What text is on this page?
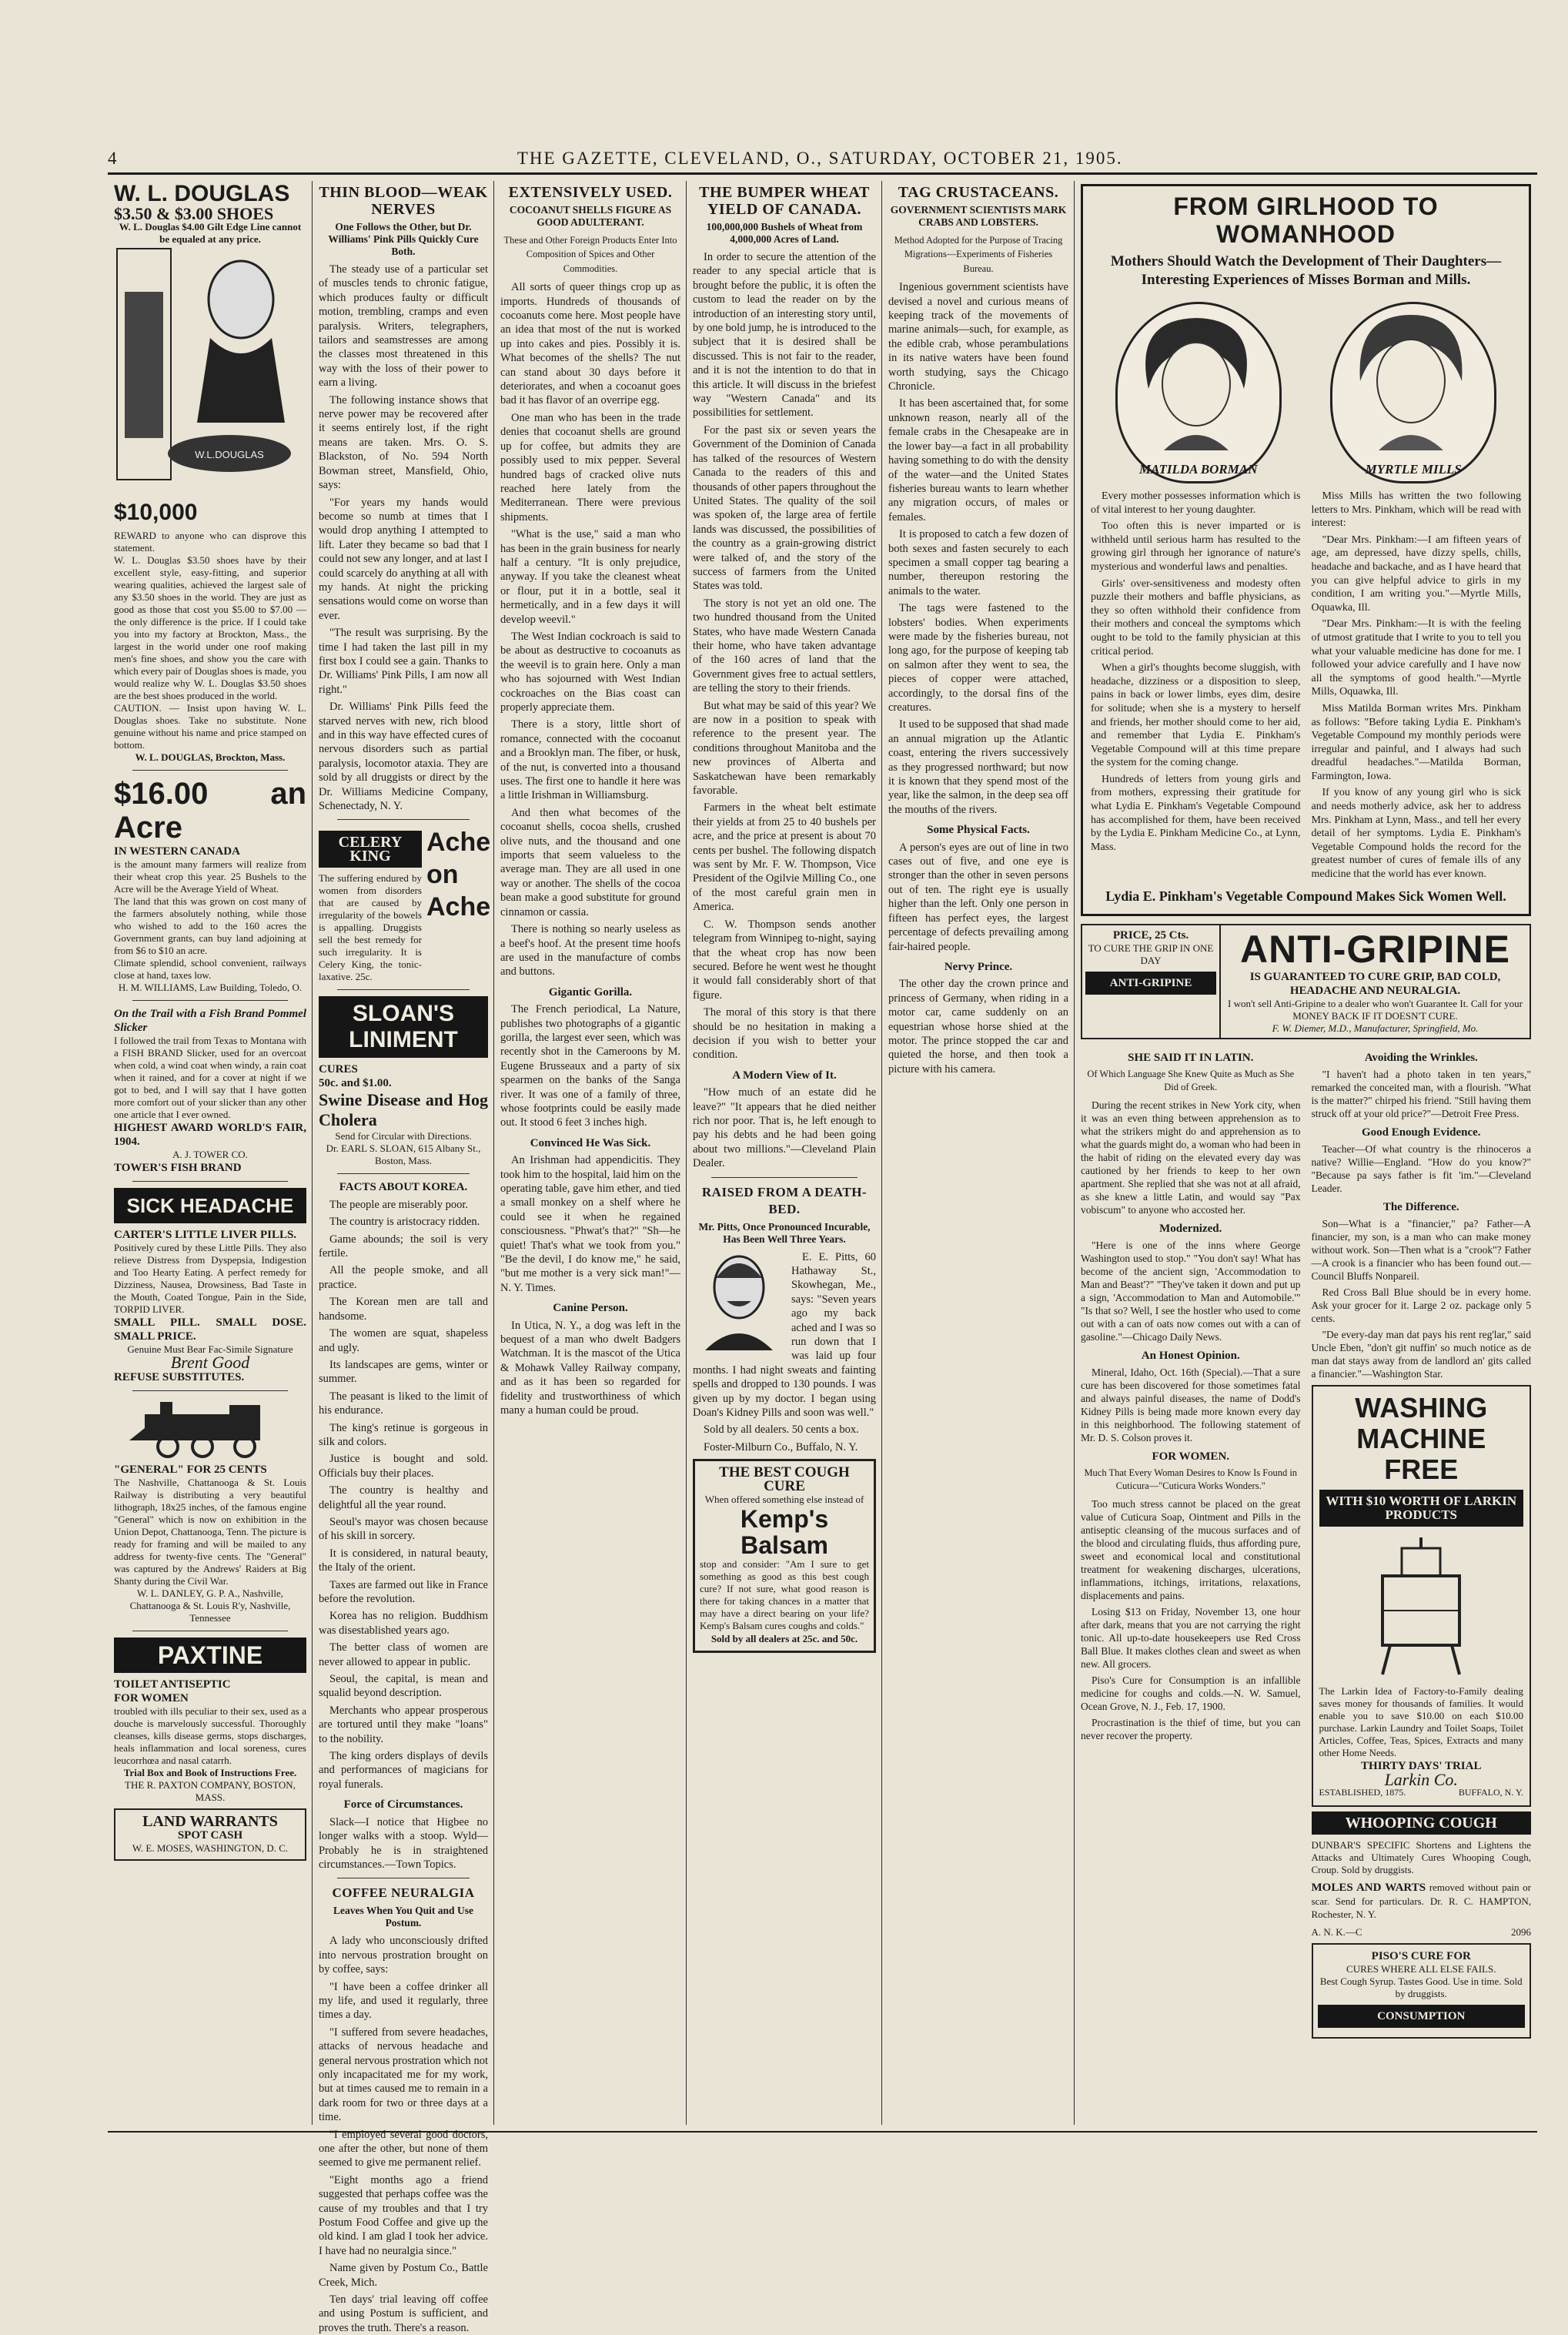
4	THE GAZETTE, CLEVELAND, O., SATURDAY, OCTOBER 21, 1905.
W. L. DOUGLAS
$3.50 & $3.00 SHOES
W. L. Douglas $4.00 Gilt Edge Line cannot be equaled at any price.
W.L.DOUGLAS
$10,000
REWARD to anyone who can disprove this statement.
W. L. Douglas $3.50 shoes have by their excellent style, easy-fitting, and superior wearing qualities, achieved the largest sale of any $3.50 shoes in the world. They are just as good as those that cost you $5.00 to $7.00 — the only difference is the price. If I could take you into my factory at Brockton, Mass., the largest in the world under one roof making men's fine shoes, and show you the care with which every pair of Douglas shoes is made, you would realize why W. L. Douglas $3.50 shoes are the best shoes produced in the world.
CAUTION. — Insist upon having W. L. Douglas shoes. Take no substitute. None genuine without his name and price stamped on bottom.
W. L. DOUGLAS, Brockton, Mass.
$16.00 an Acre
IN WESTERN CANADA
is the amount many farmers will realize from their wheat crop this year. 25 Bushels to the Acre will be the Average Yield of Wheat.
The land that this was grown on cost many of the farmers absolutely nothing, while those who wished to add to the 160 acres the Government grants, can buy land adjoining at from $6 to $10 an acre.
Climate splendid, school convenient, railways close at hand, taxes low.
H. M. WILLIAMS, Law Building, Toledo, O.
On the Trail with a Fish Brand Pommel Slicker
I followed the trail from Texas to Montana with a FISH BRAND Slicker, used for an overcoat when cold, a wind coat when windy, a rain coat when it rained, and for a cover at night if we got to bed, and I will say that I have gotten more comfort out of your slicker than any other one article that I ever owned.
HIGHEST AWARD WORLD'S FAIR, 1904.
A. J. TOWER CO.
TOWER'S FISH BRAND
SICK HEADACHE
CARTER'S LITTLE LIVER PILLS.
Positively cured by these Little Pills. They also relieve Distress from Dyspepsia, Indigestion and Too Hearty Eating. A perfect remedy for Dizziness, Nausea, Drowsiness, Bad Taste in the Mouth, Coated Tongue, Pain in the Side, TORPID LIVER.
SMALL PILL. SMALL DOSE. SMALL PRICE.
Genuine Must Bear Fac-Simile Signature
Brent Good
REFUSE SUBSTITUTES.
"GENERAL" FOR 25 CENTS
The Nashville, Chattanooga & St. Louis Railway is distributing a very beautiful lithograph, 18x25 inches, of the famous engine "General" which is now on exhibition in the Union Depot, Chattanooga, Tenn. The picture is ready for framing and will be mailed to any address for twenty-five cents. The "General" was captured by the Andrews' Raiders at Big Shanty during the Civil War.
W. L. DANLEY, G. P. A., Nashville, Chattanooga & St. Louis R'y, Nashville, Tennessee
PAXTINE
TOILET ANTISEPTIC
FOR WOMEN
troubled with ills peculiar to their sex, used as a douche is marvelously successful. Thoroughly cleanses, kills disease germs, stops discharges, heals inflammation and local soreness, cures leucorrhœa and nasal catarrh.
Trial Box and Book of Instructions Free.
THE R. PAXTON COMPANY, BOSTON, MASS.
LAND WARRANTS
SPOT CASH
W. E. MOSES, WASHINGTON, D. C.
THIN BLOOD—WEAK NERVES
One Follows the Other, but Dr. Williams' Pink Pills Quickly Cure Both.

The steady use of a particular set of muscles tends to chronic fatigue, which produces faulty or difficult motion, trembling, cramps and even paralysis. Writers, telegraphers, tailors and seamstresses are among the classes most threatened in this way with the loss of their power to earn a living.

The following instance shows that nerve power may be recovered after it seems entirely lost, if the right means are taken. Mrs. O. S. Blackston, of No. 594 North Bowman street, Mansfield, Ohio, says:

"For years my hands would become so numb at times that I would drop anything I attempted to lift. Later they became so bad that I could not sew any longer, and at last I could scarcely do anything at all with my hands. At night the pricking sensations would come on worse than ever.

"The result was surprising. By the time I had taken the last pill in my first box I could see a gain. Thanks to Dr. Williams' Pink Pills, I am now all right."

Dr. Williams' Pink Pills feed the starved nerves with new, rich blood and in this way have effected cures of nervous disorders such as partial paralysis, locomotor ataxia. They are sold by all druggists or direct by the Dr. Williams Medicine Company, Schenectady, N. Y.

CELERY KING
The suffering endured by women from disorders that are caused by irregularity of the bowels is appalling. Druggists sell the best remedy for such irregularity. It is Celery King, the tonic-laxative. 25c.
Ache on Ache
SLOAN'S LINIMENT
CURES
50c. and $1.00.
Swine Disease and Hog Cholera
Send for Circular with Directions.
Dr. EARL S. SLOAN, 615 Albany St., Boston, Mass.
FACTS ABOUT KOREA.

The people are miserably poor.

The country is aristocracy ridden.

Game abounds; the soil is very fertile.

All the people smoke, and all practice.

The Korean men are tall and handsome.

The women are squat, shapeless and ugly.

Its landscapes are gems, winter or summer.

The peasant is liked to the limit of his endurance.

The king's retinue is gorgeous in silk and colors.

Justice is bought and sold. Officials buy their places.

The country is healthy and delightful all the year round.

Seoul's mayor was chosen because of his skill in sorcery.

It is considered, in natural beauty, the Italy of the orient.

Taxes are farmed out like in France before the revolution.

Korea has no religion. Buddhism was disestablished years ago.

The better class of women are never allowed to appear in public.

Seoul, the capital, is mean and squalid beyond description.

Merchants who appear prosperous are tortured until they make "loans" to the nobility.

The king orders displays of devils and performances of magicians for royal funerals.

Force of Circumstances.

Slack—I notice that Higbee no longer walks with a stoop. Wyld—Probably he is in straightened circumstances.—Town Topics.

COFFEE NEURALGIA
Leaves When You Quit and Use Postum.

A lady who unconsciously drifted into nervous prostration brought on by coffee, says:

"I have been a coffee drinker all my life, and used it regularly, three times a day.

"I suffered from severe headaches, attacks of nervous headache and general nervous prostration which not only incapacitated me for my work, but at times caused me to remain in a dark room for two or three days at a time.

"I employed several good doctors, one after the other, but none of them seemed to give me permanent relief.

"Eight months ago a friend suggested that perhaps coffee was the cause of my troubles and that I try Postum Food Coffee and give up the old kind. I am glad I took her advice. I have had no neuralgia since."

Name given by Postum Co., Battle Creek, Mich.

Ten days' trial leaving off coffee and using Postum is sufficient, and proves the truth. There's a reason.

EXTENSIVELY USED.
COCOANUT SHELLS FIGURE AS GOOD ADULTERANT.
These and Other Foreign Products Enter Into Composition of Spices and Other Commodities.

All sorts of queer things crop up as imports. Hundreds of thousands of cocoanuts come here. Most people have an idea that most of the nut is worked up into cakes and pies. Possibly it is. What becomes of the shells? The nut can stand about 30 days before it deteriorates, and when a cocoanut goes bad it has flavor of an overripe egg.

One man who has been in the trade denies that cocoanut shells are ground up for coffee, but admits they are possibly used to mix pepper. Several hundred bags of cracked olive nuts reached here lately from the Mediterranean. There were previous shipments.

"What is the use," said a man who has been in the grain business for nearly half a century. "It is only prejudice, anyway. If you take the cleanest wheat or flour, put it in a bottle, seal it hermetically, and in a few days it will develop weevil."

The West Indian cockroach is said to be about as destructive to cocoanuts as the weevil is to grain here. Only a man who has sojourned with West Indian cockroaches on the Bias coast can properly appreciate them.

There is a story, little short of romance, connected with the cocoanut and a Brooklyn man. The fiber, or husk, of the nut, is converted into a thousand uses. The first one to handle it here was a little Irishman in Williamsburg.

And then what becomes of the cocoanut shells, cocoa shells, crushed olive nuts, and the thousand and one imports that seem valueless to the average man. They are all used in one way or another. The shells of the cocoa bean make a good substitute for ground cinnamon or cassia.

There is nothing so nearly useless as a beef's hoof. At the present time hoofs are used in the manufacture of combs and buttons.

Gigantic Gorilla.

The French periodical, La Nature, publishes two photographs of a gigantic gorilla, the largest ever seen, which was recently shot in the Cameroons by M. Eugene Brusseaux and a party of six spearmen on the banks of the Sanga river. It was one of a family of three, whose footprints could be easily made out. It stood 6 feet 3 inches high.

Convinced He Was Sick.

An Irishman had appendicitis. They took him to the hospital, laid him on the operating table, gave him ether, and tied a small monkey on a shelf where he could see it when he regained consciousness. "Phwat's that?" "Sh—he quiet! That's what we took from you." "Be the devil, I do know me," he said, "but me mother is a very sick man!"—N. Y. Times.

Canine Person.

In Utica, N. Y., a dog was left in the bequest of a man who dwelt Badgers Watchman. It is the mascot of the Utica & Mohawk Valley Railway company, and as it has been so regarded for fidelity and trustworthiness of which many a human could be proud.

THE BUMPER WHEAT YIELD OF CANADA.
100,000,000 Bushels of Wheat from 4,000,000 Acres of Land.

In order to secure the attention of the reader to any special article that is brought before the public, it is often the custom to lead the reader on by the introduction of an interesting story until, by one bold jump, he is introduced to the subject that it is desired shall be discussed. This is not fair to the reader, and it is not the intention to do that in this article. It will discuss in the briefest way "Western Canada" and its possibilities for settlement.

For the past six or seven years the Government of the Dominion of Canada has talked of the resources of Western Canada to the readers of this and thousands of other papers throughout the United States. The quality of the soil was spoken of, the large area of fertile lands was discussed, the possibilities of the country as a grain-growing district were talked of, and the story of the success of farmers from the United States was told.

The story is not yet an old one. The two hundred thousand from the United States, who have made Western Canada their home, who have taken advantage of the 160 acres of land that the Government gives free to actual settlers, are telling the story to their friends.

But what may be said of this year? We are now in a position to speak with reference to the present year. The conditions throughout Manitoba and the new provinces of Alberta and Saskatchewan have been remarkably favorable.

Farmers in the wheat belt estimate their yields at from 25 to 40 bushels per acre, and the price at present is about 70 cents per bushel. The following dispatch was sent by Mr. F. W. Thompson, Vice President of the Ogilvie Milling Co., one of the most careful grain men in America.

C. W. Thompson sends another telegram from Winnipeg to-night, saying that the wheat crop has now been secured. Before he went west he thought it would fall considerably short of that figure.

The moral of this story is that there should be no hesitation in making a decision if you wish to better your condition.

A Modern View of It.

"How much of an estate did he leave?" "It appears that he died neither rich nor poor. That is, he left enough to pay his debts and he had been going about two millions."—Cleveland Plain Dealer.

RAISED FROM A DEATH-BED.
Mr. Pitts, Once Pronounced Incurable, Has Been Well Three Years.

E. E. Pitts, 60 Hathaway St., Skowhegan, Me., says: "Seven years ago my back ached and I was so run down that I was laid up four months. I had night sweats and fainting spells and dropped to 130 pounds. I was given up by my doctor. I began using Doan's Kidney Pills and soon was well."

Sold by all dealers. 50 cents a box.

Foster-Milburn Co., Buffalo, N. Y.

THE BEST COUGH CURE
When offered something else instead of
Kemp's Balsam
stop and consider: "Am I sure to get something as good as this best cough cure? If not sure, what good reason is there for taking chances in a matter that may have a direct bearing on your life? Kemp's Balsam cures coughs and colds."
Sold by all dealers at 25c. and 50c.
TAG CRUSTACEANS.
GOVERNMENT SCIENTISTS MARK CRABS AND LOBSTERS.
Method Adopted for the Purpose of Tracing Migrations—Experiments of Fisheries Bureau.

Ingenious government scientists have devised a novel and curious means of keeping track of the movements of marine animals—such, for example, as the edible crab, whose perambulations in its native waters have been found worth studying, says the Chicago Chronicle.

It has been ascertained that, for some unknown reason, nearly all of the female crabs in the Chesapeake are in the lower bay—a fact in all probability having something to do with the density of the water—and the United States fisheries bureau wants to learn whether any migration occurs, of males or females.

It is proposed to catch a few dozen of both sexes and fasten securely to each specimen a small copper tag bearing a number, thereupon restoring the animals to the water.

The tags were fastened to the lobsters' bodies. When experiments were made by the fisheries bureau, not long ago, for the purpose of keeping tab on salmon after they went to sea, the pieces of copper were attached, accordingly, to the dorsal fins of the creatures.

It used to be supposed that shad made an annual migration up the Atlantic coast, entering the rivers successively as they progressed northward; but now it is known that they spend most of the year, like the salmon, in the deep sea off the mouths of the rivers.

Some Physical Facts.

A person's eyes are out of line in two cases out of five, and one eye is stronger than the other in seven persons out of ten. The right eye is usually higher than the left. Only one person in fifteen has perfect eyes, the largest percentage of defects prevailing among fair-haired people.

Nervy Prince.

The other day the crown prince and princess of Germany, when riding in a motor car, came suddenly on an equestrian whose horse shied at the motor. The prince stopped the car and quieted the horse, and then took a picture with his camera.

FROM GIRLHOOD TO WOMANHOOD
Mothers Should Watch the Development of Their Daughters—Interesting Experiences of Misses Borman and Mills.
MATILDA BORMAN	MYRTLE MILLS

Every mother possesses information which is of vital interest to her young daughter.

Too often this is never imparted or is withheld until serious harm has resulted to the growing girl through her ignorance of nature's mysterious and wonderful laws and penalties.

Girls' over-sensitiveness and modesty often puzzle their mothers and baffle physicians, as they so often withhold their confidence from their mothers and conceal the symptoms which ought to be told to the family physician at this critical period.

When a girl's thoughts become sluggish, with headache, dizziness or a disposition to sleep, pains in back or lower limbs, eyes dim, desire for solitude; when she is a mystery to herself and friends, her mother should come to her aid, and remember that Lydia E. Pinkham's Vegetable Compound will at this time prepare the system for the coming change.

Hundreds of letters from young girls and from mothers, expressing their gratitude for what Lydia E. Pinkham's Vegetable Compound has accomplished for them, have been received by the Lydia E. Pinkham Medicine Co., at Lynn, Mass.

Miss Mills has written the two following letters to Mrs. Pinkham, which will be read with interest:

"Dear Mrs. Pinkham:—I am fifteen years of age, am depressed, have dizzy spells, chills, headache and backache, and as I have heard that you can give helpful advice to girls in my condition, I am writing you."—Myrtle Mills, Oquawka, Ill.

"Dear Mrs. Pinkham:—It is with the feeling of utmost gratitude that I write to you to tell you what your valuable medicine has done for me. I followed your advice carefully and I have now all the symptoms of good health."—Myrtle Mills, Oquawka, Ill.

Miss Matilda Borman writes Mrs. Pinkham as follows: "Before taking Lydia E. Pinkham's Vegetable Compound my monthly periods were irregular and painful, and I always had such dreadful headaches."—Matilda Borman, Farmington, Iowa.

If you know of any young girl who is sick and needs motherly advice, ask her to address Mrs. Pinkham at Lynn, Mass., and tell her every detail of her symptoms. Lydia E. Pinkham's Vegetable Compound holds the record for the greatest number of cures of female ills of any medicine that the world has ever known.

Lydia E. Pinkham's Vegetable Compound Makes Sick Women Well.
PRICE, 25 Cts.
TO CURE THE GRIP IN ONE DAY
ANTI-GRIPINE
ANTI-GRIPINE
IS GUARANTEED TO CURE GRIP, BAD COLD, HEADACHE AND NEURALGIA.
I won't sell Anti-Gripine to a dealer who won't Guarantee It. Call for your MONEY BACK IF IT DOESN'T CURE.
F. W. Diemer, M.D., Manufacturer, Springfield, Mo.
SHE SAID IT IN LATIN.
Of Which Language She Knew Quite as Much as She Did of Greek.

During the recent strikes in New York city, when it was an even thing between apprehension as to what the strikers might do and apprehension as to what the guards might do, a woman who had been in the habit of riding on the elevated every day was cautioned by her friends to keep to her own apartment. She replied that she was not at all afraid, as she knew a little Latin, and would say "Pax vobiscum" to anyone who accosted her.

Modernized.

"Here is one of the inns where George Washington used to stop." "You don't say! What has become of the ancient sign, 'Accommodation to Man and Beast'?" "They've taken it down and put up a sign, 'Accommodation to Man and Automobile.'" "Is that so? Well, I see the hostler who used to come out with a can of oats now comes out with a can of gasoline."—Chicago Daily News.

An Honest Opinion.

Mineral, Idaho, Oct. 16th (Special).—That a sure cure has been discovered for those sometimes fatal and always painful diseases, the name of Dodd's Kidney Pills is being made more known every day in this neighborhood. The following statement of Mr. D. S. Colson proves it.

FOR WOMEN.
Much That Every Woman Desires to Know Is Found in Cuticura—"Cuticura Works Wonders."

Too much stress cannot be placed on the great value of Cuticura Soap, Ointment and Pills in the antiseptic cleansing of the mucous surfaces and of the blood and circulating fluids, thus affording pure, sweet and economical local and constitutional treatment for weakening discharges, ulcerations, inflammations, itchings, irritations, relaxations, displacements and pains.

Losing $13 on Friday, November 13, one hour after dark, means that you are not carrying the right tonic. All up-to-date housekeepers use Red Cross Ball Blue. It makes clothes clean and sweet as when new. All grocers.

Piso's Cure for Consumption is an infallible medicine for coughs and colds.—N. W. Samuel, Ocean Grove, N. J., Feb. 17, 1900.

Procrastination is the thief of time, but you can never recover the property.

Avoiding the Wrinkles.

"I haven't had a photo taken in ten years," remarked the conceited man, with a flourish. "What is the matter?" chirped his friend. "Still having them struck off at your old price?"—Detroit Free Press.

Good Enough Evidence.

Teacher—Of what country is the rhinoceros a native? Willie—England. "How do you know?" "Because pa says father is fit 'im."—Cleveland Leader.

The Difference.

Son—What is a "financier," pa? Father—A financier, my son, is a man who can make money without work. Son—Then what is a "crook"? Father—A crook is a financier who has been found out.—Council Bluffs Nonpareil.

Red Cross Ball Blue should be in every home. Ask your grocer for it. Large 2 oz. package only 5 cents.

"De every-day man dat pays his rent reg'lar," said Uncle Eben, "don't git nuffin' so much notice as de man dat stays away from de landlord an' gits called a financier."—Washington Star.

WASHING MACHINE FREE
WITH $10 WORTH OF LARKIN PRODUCTS
The Larkin Idea of Factory-to-Family dealing saves money for thousands of families. It would enable you to save $10.00 on each $10.00 purchase. Larkin Laundry and Toilet Soaps, Toilet Articles, Coffee, Teas, Spices, Extracts and many other Home Needs.
THIRTY DAYS' TRIAL
Larkin Co.
ESTABLISHED, 1875.	BUFFALO, N. Y.
WHOOPING COUGH
DUNBAR'S SPECIFIC Shortens and Lightens the Attacks and Ultimately Cures Whooping Cough, Croup. Sold by druggists.
MOLES AND WARTS removed without pain or scar. Send for particulars. Dr. R. C. HAMPTON, Rochester, N. Y.
A. N. K.—C	2096
PISO'S CURE FOR
CURES WHERE ALL ELSE FAILS.
Best Cough Syrup. Tastes Good. Use in time. Sold by druggists.
CONSUMPTION
